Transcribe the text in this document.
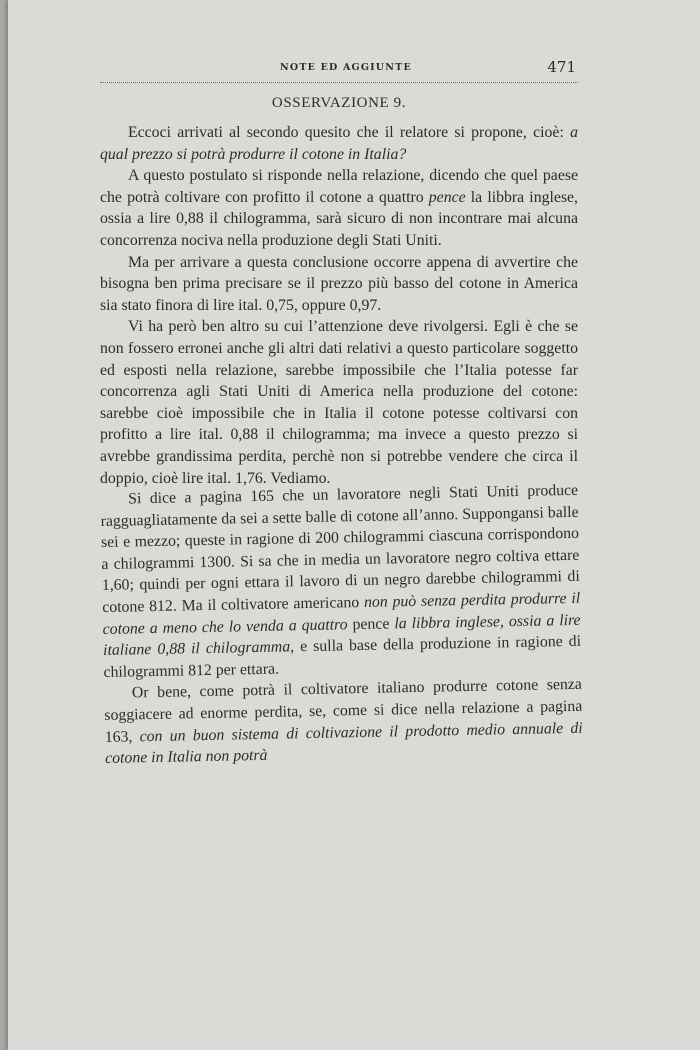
NOTE ED AGGIUNTE	471
OSSERVAZIONE 9.

Eccoci arrivati al secondo quesito che il relatore si propone, cioè: a qual prezzo si potrà produrre il cotone in Italia?

A questo postulato si risponde nella relazione, dicendo che quel paese che potrà coltivare con profitto il cotone a quattro pence la libbra inglese, ossia a lire 0,88 il chilogramma, sarà sicuro di non incontrare mai alcuna concorrenza nociva nella produzione degli Stati Uniti.

Ma per arrivare a questa conclusione occorre appena di avvertire che bisogna ben prima precisare se il prezzo più basso del cotone in America sia stato finora di lire ital. 0,75, oppure 0,97.

Vi ha però ben altro su cui l’attenzione deve rivolgersi. Egli è che se non fossero erronei anche gli altri dati relativi a questo particolare soggetto ed esposti nella relazione, sarebbe impossibile che l’Italia potesse far concorrenza agli Stati Uniti di America nella produzione del cotone: sarebbe cioè impossibile che in Italia il cotone potesse coltivarsi con profitto a lire ital. 0,88 il chilogramma; ma invece a questo prezzo si avrebbe grandissima perdita, perchè non si potrebbe vendere che circa il doppio, cioè lire ital. 1,76. Vediamo.

Si dice a pagina 165 che un lavoratore negli Stati Uniti produce ragguagliatamente da sei a sette balle di cotone all’anno. Suppongansi balle sei e mezzo; queste in ragione di 200 chilogrammi ciascuna corrispondono a chilogrammi 1300. Si sa che in media un lavoratore negro coltiva ettare 1,60; quindi per ogni ettara il lavoro di un negro darebbe chilogrammi di cotone 812. Ma il coltivatore americano non può senza perdita produrre il cotone a meno che lo venda a quattro pence la libbra inglese, ossia a lire italiane 0,88 il chilogramma, e sulla base della produzione in ragione di chilogrammi 812 per ettara.

Or bene, come potrà il coltivatore italiano produrre cotone senza soggiacere ad enorme perdita, se, come si dice nella relazione a pagina 163, con un buon sistema di coltivazione il prodotto medio annuale di cotone in Italia non potrà
